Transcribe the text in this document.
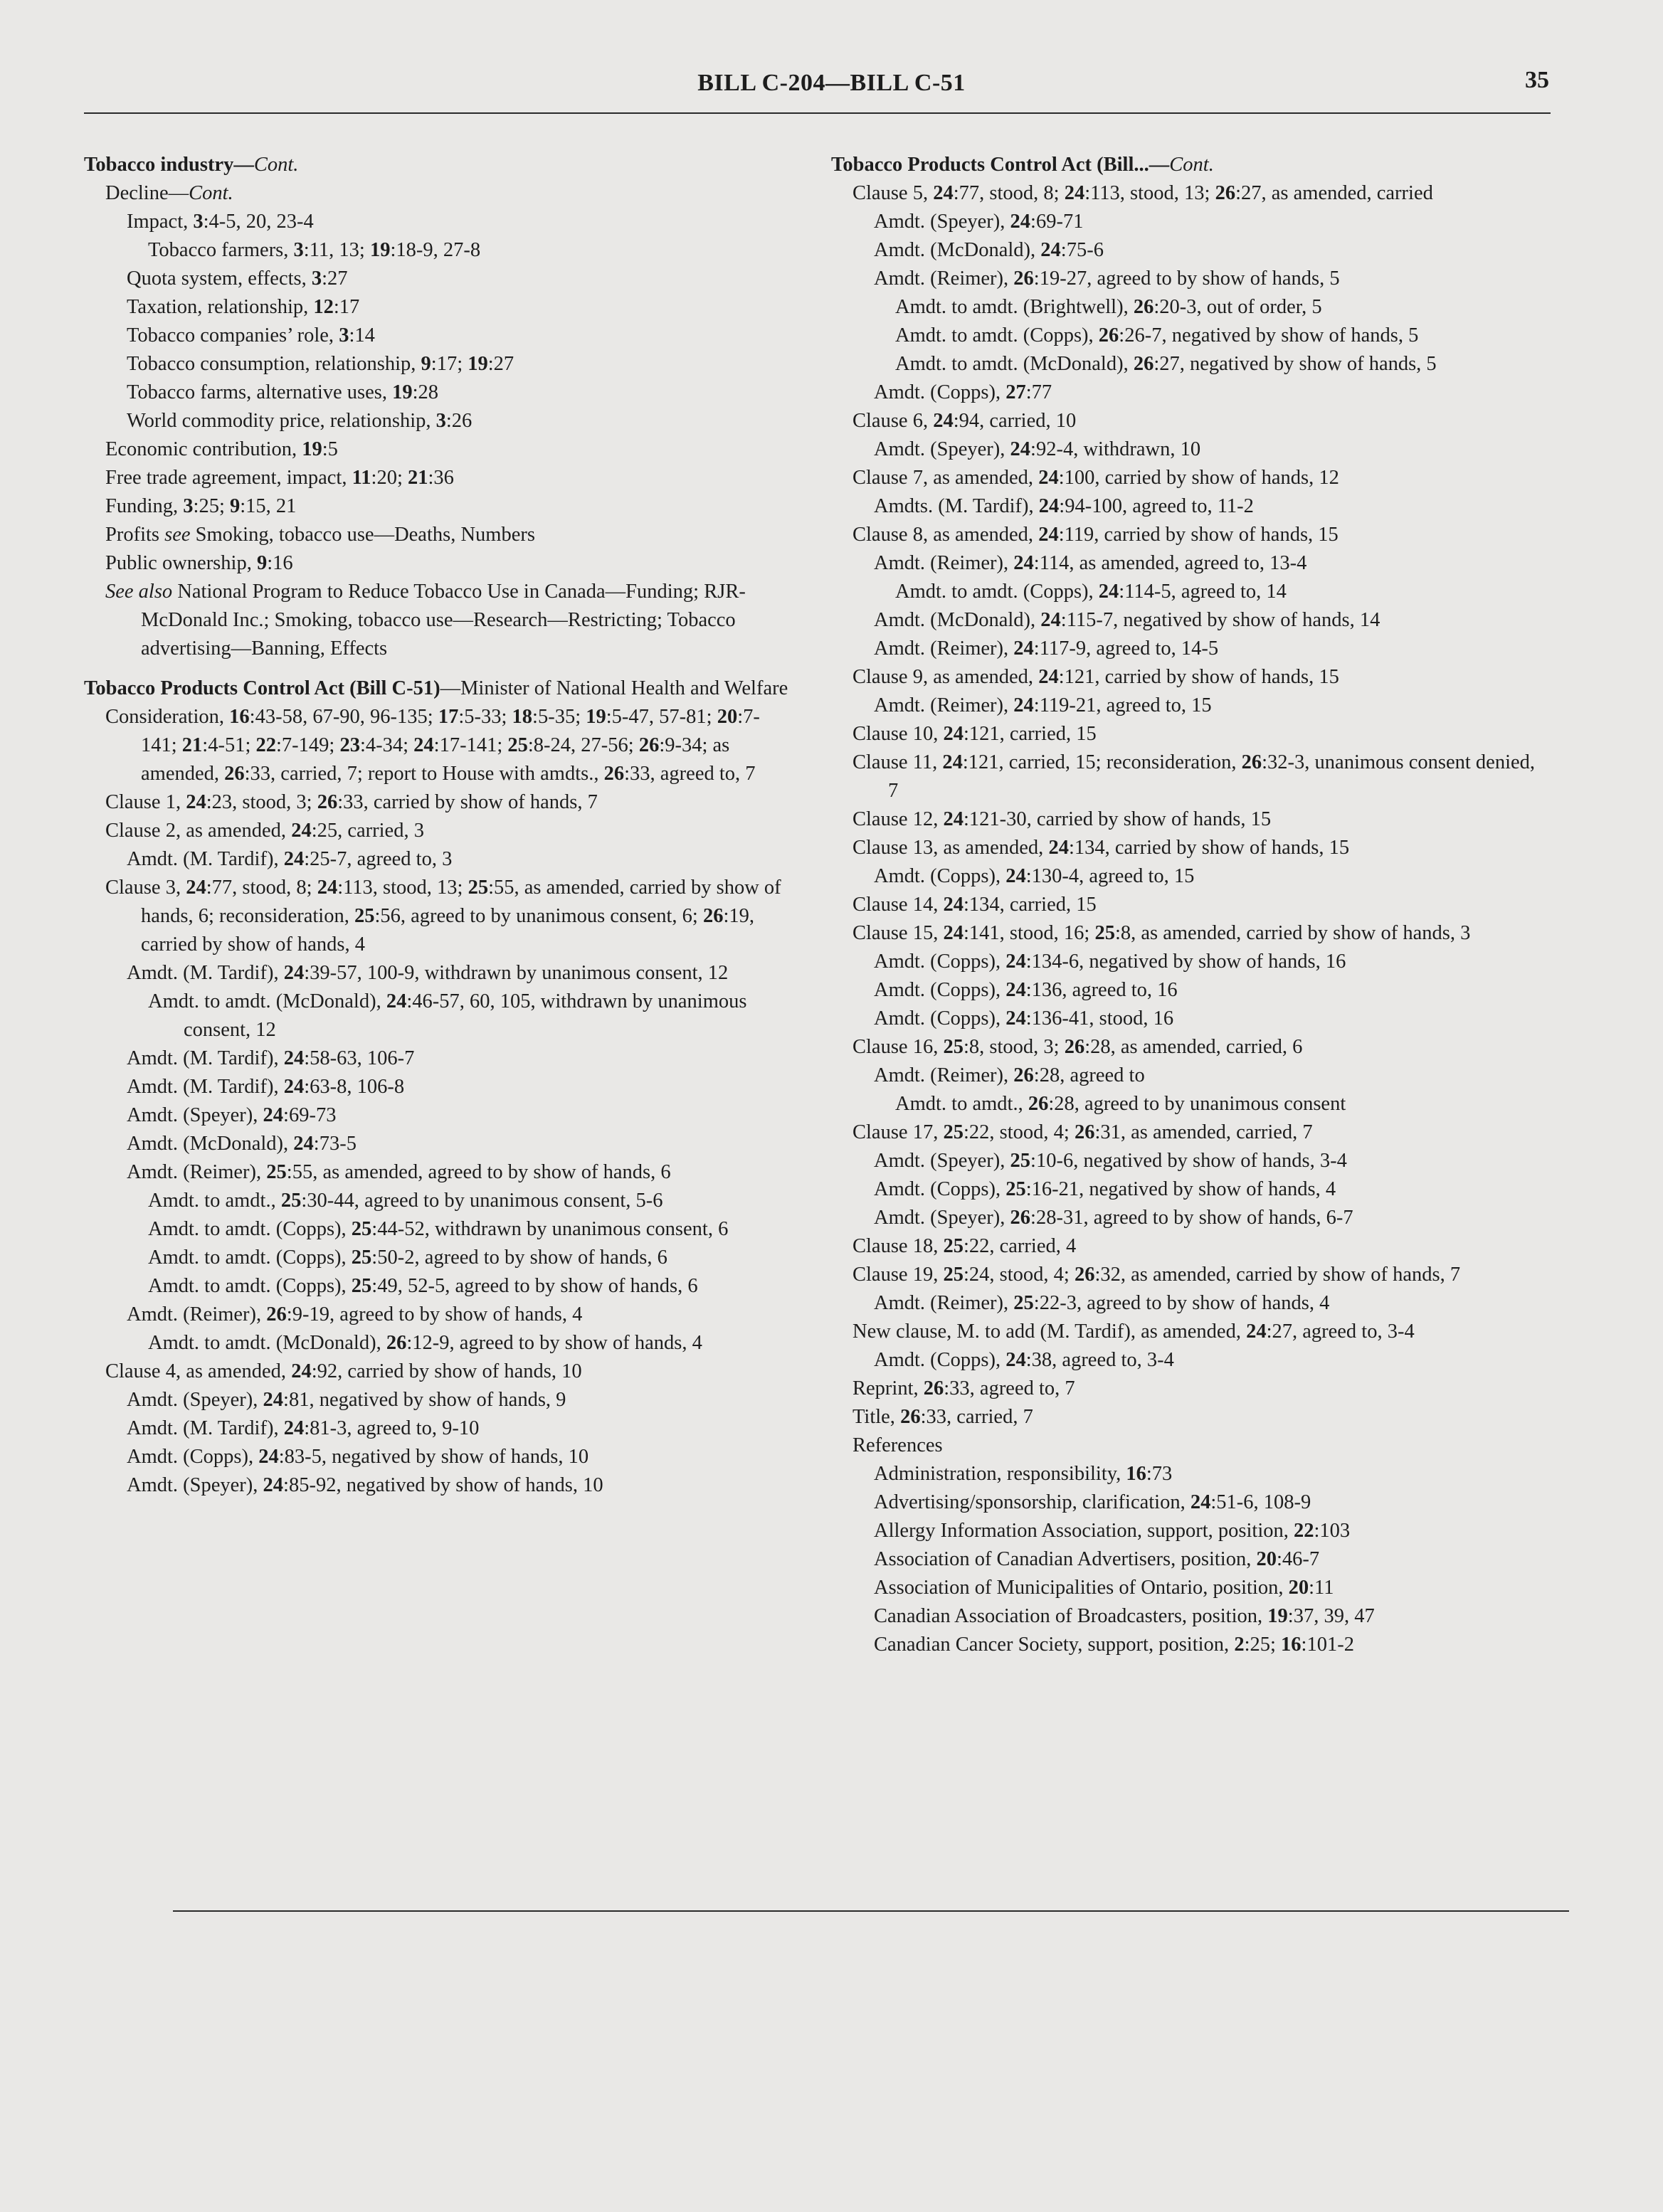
BILL C-204—BILL C-51	35
Tobacco industry—Cont.
Decline—Cont.
Impact, 3:4-5, 20, 23-4
Tobacco farmers, 3:11, 13; 19:18-9, 27-8
Quota system, effects, 3:27
Taxation, relationship, 12:17
Tobacco companies’ role, 3:14
Tobacco consumption, relationship, 9:17; 19:27
Tobacco farms, alternative uses, 19:28
World commodity price, relationship, 3:26
Economic contribution, 19:5
Free trade agreement, impact, 11:20; 21:36
Funding, 3:25; 9:15, 21
Profits see Smoking, tobacco use—Deaths, Numbers
Public ownership, 9:16
See also National Program to Reduce Tobacco Use in Canada—Funding; RJR-McDonald Inc.; Smoking, tobacco use—Research—Restricting; Tobacco advertising—Banning, Effects
Tobacco Products Control Act (Bill C-51)—Minister of National Health and Welfare
Consideration, 16:43-58, 67-90, 96-135; 17:5-33; 18:5-35; 19:5-47, 57-81; 20:7-141; 21:4-51; 22:7-149; 23:4-34; 24:17-141; 25:8-24, 27-56; 26:9-34; as amended, 26:33, carried, 7; report to House with amdts., 26:33, agreed to, 7
Clause 1, 24:23, stood, 3; 26:33, carried by show of hands, 7
Clause 2, as amended, 24:25, carried, 3
Amdt. (M. Tardif), 24:25-7, agreed to, 3
Clause 3, 24:77, stood, 8; 24:113, stood, 13; 25:55, as amended, carried by show of hands, 6; reconsideration, 25:56, agreed to by unanimous consent, 6; 26:19, carried by show of hands, 4
Amdt. (M. Tardif), 24:39-57, 100-9, withdrawn by unanimous consent, 12
Amdt. to amdt. (McDonald), 24:46-57, 60, 105, withdrawn by unanimous consent, 12
Amdt. (M. Tardif), 24:58-63, 106-7
Amdt. (M. Tardif), 24:63-8, 106-8
Amdt. (Speyer), 24:69-73
Amdt. (McDonald), 24:73-5
Amdt. (Reimer), 25:55, as amended, agreed to by show of hands, 6
Amdt. to amdt., 25:30-44, agreed to by unanimous consent, 5-6
Amdt. to amdt. (Copps), 25:44-52, withdrawn by unanimous consent, 6
Amdt. to amdt. (Copps), 25:50-2, agreed to by show of hands, 6
Amdt. to amdt. (Copps), 25:49, 52-5, agreed to by show of hands, 6
Amdt. (Reimer), 26:9-19, agreed to by show of hands, 4
Amdt. to amdt. (McDonald), 26:12-9, agreed to by show of hands, 4
Clause 4, as amended, 24:92, carried by show of hands, 10
Amdt. (Speyer), 24:81, negatived by show of hands, 9
Amdt. (M. Tardif), 24:81-3, agreed to, 9-10
Amdt. (Copps), 24:83-5, negatived by show of hands, 10
Amdt. (Speyer), 24:85-92, negatived by show of hands, 10
Tobacco Products Control Act (Bill...—Cont.
Clause 5, 24:77, stood, 8; 24:113, stood, 13; 26:27, as amended, carried
Amdt. (Speyer), 24:69-71
Amdt. (McDonald), 24:75-6
Amdt. (Reimer), 26:19-27, agreed to by show of hands, 5
Amdt. to amdt. (Brightwell), 26:20-3, out of order, 5
Amdt. to amdt. (Copps), 26:26-7, negatived by show of hands, 5
Amdt. to amdt. (McDonald), 26:27, negatived by show of hands, 5
Amdt. (Copps), 27:77
Clause 6, 24:94, carried, 10
Amdt. (Speyer), 24:92-4, withdrawn, 10
Clause 7, as amended, 24:100, carried by show of hands, 12
Amdts. (M. Tardif), 24:94-100, agreed to, 11-2
Clause 8, as amended, 24:119, carried by show of hands, 15
Amdt. (Reimer), 24:114, as amended, agreed to, 13-4
Amdt. to amdt. (Copps), 24:114-5, agreed to, 14
Amdt. (McDonald), 24:115-7, negatived by show of hands, 14
Amdt. (Reimer), 24:117-9, agreed to, 14-5
Clause 9, as amended, 24:121, carried by show of hands, 15
Amdt. (Reimer), 24:119-21, agreed to, 15
Clause 10, 24:121, carried, 15
Clause 11, 24:121, carried, 15; reconsideration, 26:32-3, unanimous consent denied, 7
Clause 12, 24:121-30, carried by show of hands, 15
Clause 13, as amended, 24:134, carried by show of hands, 15
Amdt. (Copps), 24:130-4, agreed to, 15
Clause 14, 24:134, carried, 15
Clause 15, 24:141, stood, 16; 25:8, as amended, carried by show of hands, 3
Amdt. (Copps), 24:134-6, negatived by show of hands, 16
Amdt. (Copps), 24:136, agreed to, 16
Amdt. (Copps), 24:136-41, stood, 16
Clause 16, 25:8, stood, 3; 26:28, as amended, carried, 6
Amdt. (Reimer), 26:28, agreed to
Amdt. to amdt., 26:28, agreed to by unanimous consent
Clause 17, 25:22, stood, 4; 26:31, as amended, carried, 7
Amdt. (Speyer), 25:10-6, negatived by show of hands, 3-4
Amdt. (Copps), 25:16-21, negatived by show of hands, 4
Amdt. (Speyer), 26:28-31, agreed to by show of hands, 6-7
Clause 18, 25:22, carried, 4
Clause 19, 25:24, stood, 4; 26:32, as amended, carried by show of hands, 7
Amdt. (Reimer), 25:22-3, agreed to by show of hands, 4
New clause, M. to add (M. Tardif), as amended, 24:27, agreed to, 3-4
Amdt. (Copps), 24:38, agreed to, 3-4
Reprint, 26:33, agreed to, 7
Title, 26:33, carried, 7
References
Administration, responsibility, 16:73
Advertising/sponsorship, clarification, 24:51-6, 108-9
Allergy Information Association, support, position, 22:103
Association of Canadian Advertisers, position, 20:46-7
Association of Municipalities of Ontario, position, 20:11
Canadian Association of Broadcasters, position, 19:37, 39, 47
Canadian Cancer Society, support, position, 2:25; 16:101-2
